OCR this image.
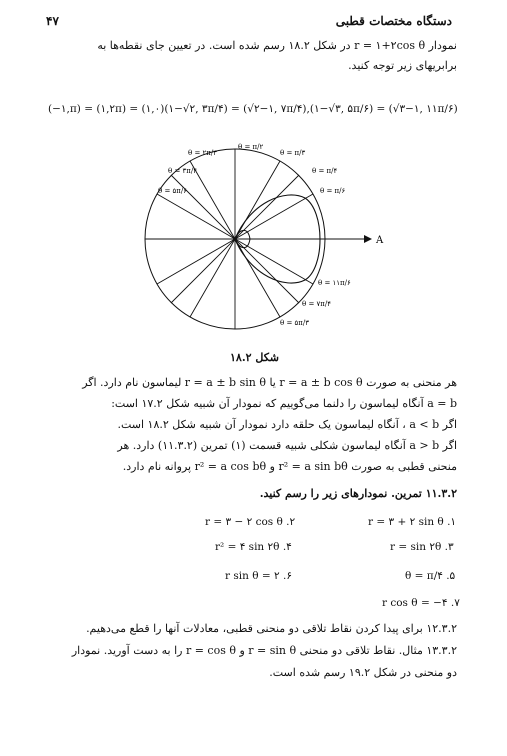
دستگاه مختصات قطبی
۴۷
نمودار r = ۱+۲cos θ در شکل ۱۸.۲ رسم شده است. در تعیین جای نقطه‌ها به
برابریهای زیر توجه کنید.
(−۱,π) = (۱,۲π) = (۱,۰)(۱−√۲, ۳π/۴) = (√۲−۱, ۷π/۴),(۱−√۳, ۵π/۶) = (√۳−۱, ۱۱π/۶)
A
θ = ۲π/۳
θ = π/۲
θ = π/۳
θ = ۳π/۴	θ = π/۴
θ = ۵π/۶	θ = π/۶
θ = ۱۱π/۶
θ = ۷π/۴
θ = ۵π/۳
شکل ۱۸.۲
هر منحنی به صورت r = a ± b cos θ یا r = a ± b sin θ لیماسون نام دارد. اگر
a = b آنگاه لیماسون را دلنما می‌گوییم که نمودار آن شبیه شکل ۱۷.۲ است:
اگر a < b ، آنگاه لیماسون یک حلقه دارد نمودار آن شبیه شکل ۱۸.۲ است.
اگر a > b آنگاه لیماسون شکلی شبیه قسمت (۱) تمرین (۱۱.۳.۲) دارد. هر
منحنی قطبی به صورت r² = a sin bθ و r² = a cos bθ پروانه نام دارد.
۱۱.۳.۲ تمرین. نمودارهای زیر را رسم کنید.
r = ۳ + ۲ sin θ .۱
r = ۳ − ۲ cos θ .۲
r = sin ۲θ .۳
r² = ۴ sin ۲θ .۴
θ = π/۴ .۵
r sin θ = ۲ .۶
r cos θ = −۴ .۷
۱۲.۳.۲ برای پیدا کردن نقاط تلاقی دو منحنی قطبی، معادلات آنها را قطع می‌دهیم.
۱۳.۳.۲ مثال. نقاط تلاقی دو منحنی r = sin θ و r = cos θ را به دست آورید. نمودار
دو منحنی در شکل ۱۹.۲ رسم شده است.
